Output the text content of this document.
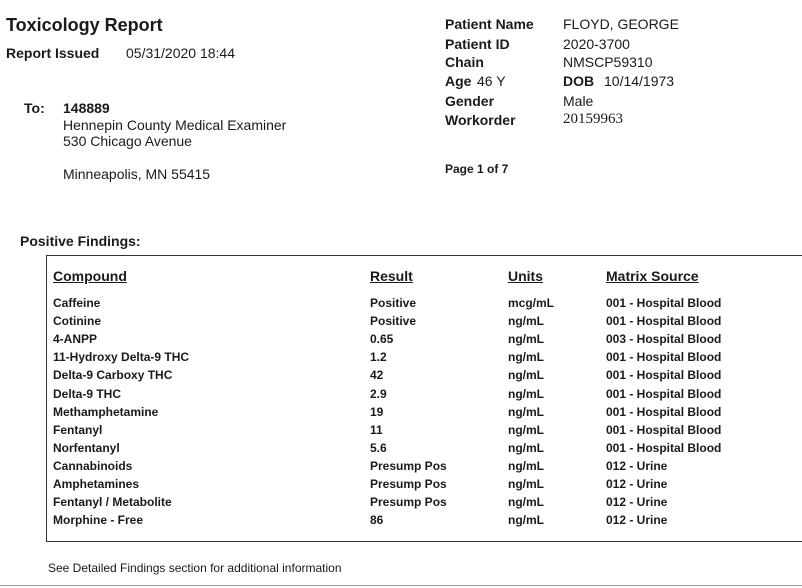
Toxicology Report
Report Issued 05/31/2020 18:44
To: 148889
Hennepin County Medical Examiner
530 Chicago Avenue
Minneapolis, MN 55415
Patient Name FLOYD, GEORGE
Patient ID	2020-3700
Chain	NMSCP59310
Age 46 Y	DOB 10/14/1973
Gender	Male
Workorder	20159963
Page 1 of 7
Positive Findings:
Compound	Result	Units	Matrix Source
Caffeine	Positive	mcg/mL	001 - Hospital Blood
Cotinine	Positive	ng/mL	001 - Hospital Blood
4-ANPP	0.65	ng/mL	003 - Hospital Blood
11-Hydroxy Delta-9 THC	1.2	ng/mL	001 - Hospital Blood
Delta-9 Carboxy THC	42	ng/mL	001 - Hospital Blood
Delta-9 THC	2.9	ng/mL	001 - Hospital Blood
Methamphetamine	19	ng/mL	001 - Hospital Blood
Fentanyl	11	ng/mL	001 - Hospital Blood
Norfentanyl	5.6	ng/mL	001 - Hospital Blood
Cannabinoids	Presump Pos	ng/mL	012 - Urine
Amphetamines	Presump Pos	ng/mL	012 - Urine
Fentanyl / Metabolite	Presump Pos	ng/mL	012 - Urine
Morphine - Free	86	ng/mL	012 - Urine
See Detailed Findings section for additional information
